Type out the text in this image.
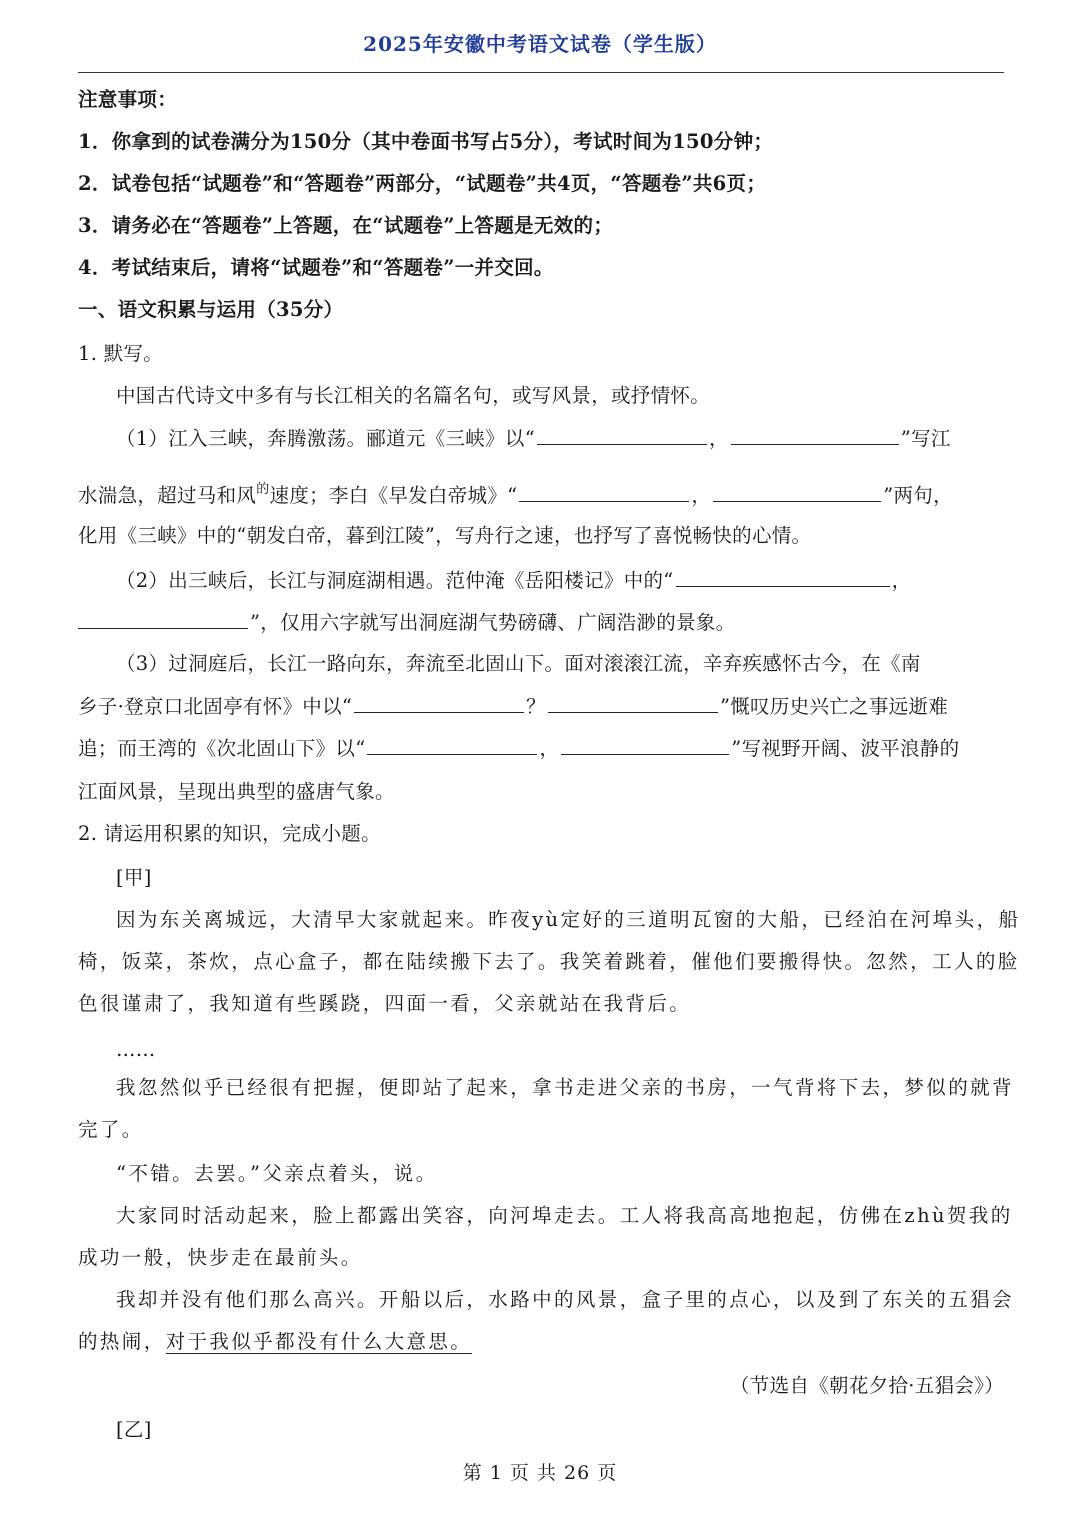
2025年安徽中考语文试卷（学生版）
注意事项：
1．你拿到的试卷满分为150分（其中卷面书写占5分），考试时间为150分钟；
2．试卷包括“试题卷”和“答题卷”两部分，“试题卷”共4页，“答题卷”共6页；
3．请务必在“答题卷”上答题，在“试题卷”上答题是无效的；
4．考试结束后，请将“试题卷”和“答题卷”一并交回。
一、语文积累与运用（35分）
1. 默写。
中国古代诗文中多有与长江相关的名篇名句，或写风景，或抒情怀。
（1）江入三峡，奔腾激荡。郦道元《三峡》以“	，	”写江
水湍急，超过马和风$^的$速度；李白《早发白帝城》“	，	”两句，
化用《三峡》中的“朝发白帝，暮到江陵”，写舟行之速，也抒写了喜悦畅快的心情。
（2）出三峡后，长江与洞庭湖相遇。范仲淹《岳阳楼记》中的“	，
”，仅用六字就写出洞庭湖气势磅礴、广阔浩渺的景象。
（3）过洞庭后，长江一路向东，奔流至北固山下。面对滚滚江流，辛弃疾感怀古今，在《南
乡子·登京口北固亭有怀》中以“	？	”慨叹历史兴亡之事远逝难
追；而王湾的《次北固山下》以“	，	”写视野开阔、波平浪静的
江面风景，呈现出典型的盛唐气象。
2. 请运用积累的知识，完成小题。
[甲]
因为东关离城远，大清早大家就起来。昨夜yù定好的三道明瓦窗的大船，已经泊在河埠头，船
椅，饭菜，茶炊，点心盒子，都在陆续搬下去了。我笑着跳着，催他们要搬得快。忽然，工人的脸
色很谨肃了，我知道有些蹊跷，四面一看，父亲就站在我背后。
……
我忽然似乎已经很有把握，便即站了起来，拿书走进父亲的书房，一气背将下去，梦似的就背
完了。
“不错。去罢。”父亲点着头，说。
大家同时活动起来，脸上都露出笑容，向河埠走去。工人将我高高地抱起，仿佛在zhù贺我的
成功一般，快步走在最前头。
我却并没有他们那么高兴。开船以后，水路中的风景，盒子里的点心，以及到了东关的五猖会
的热闹，对于我似乎都没有什么大意思。
（节选自《朝花夕拾·五猖会》）
[乙]
第 1 页 共 26 页
